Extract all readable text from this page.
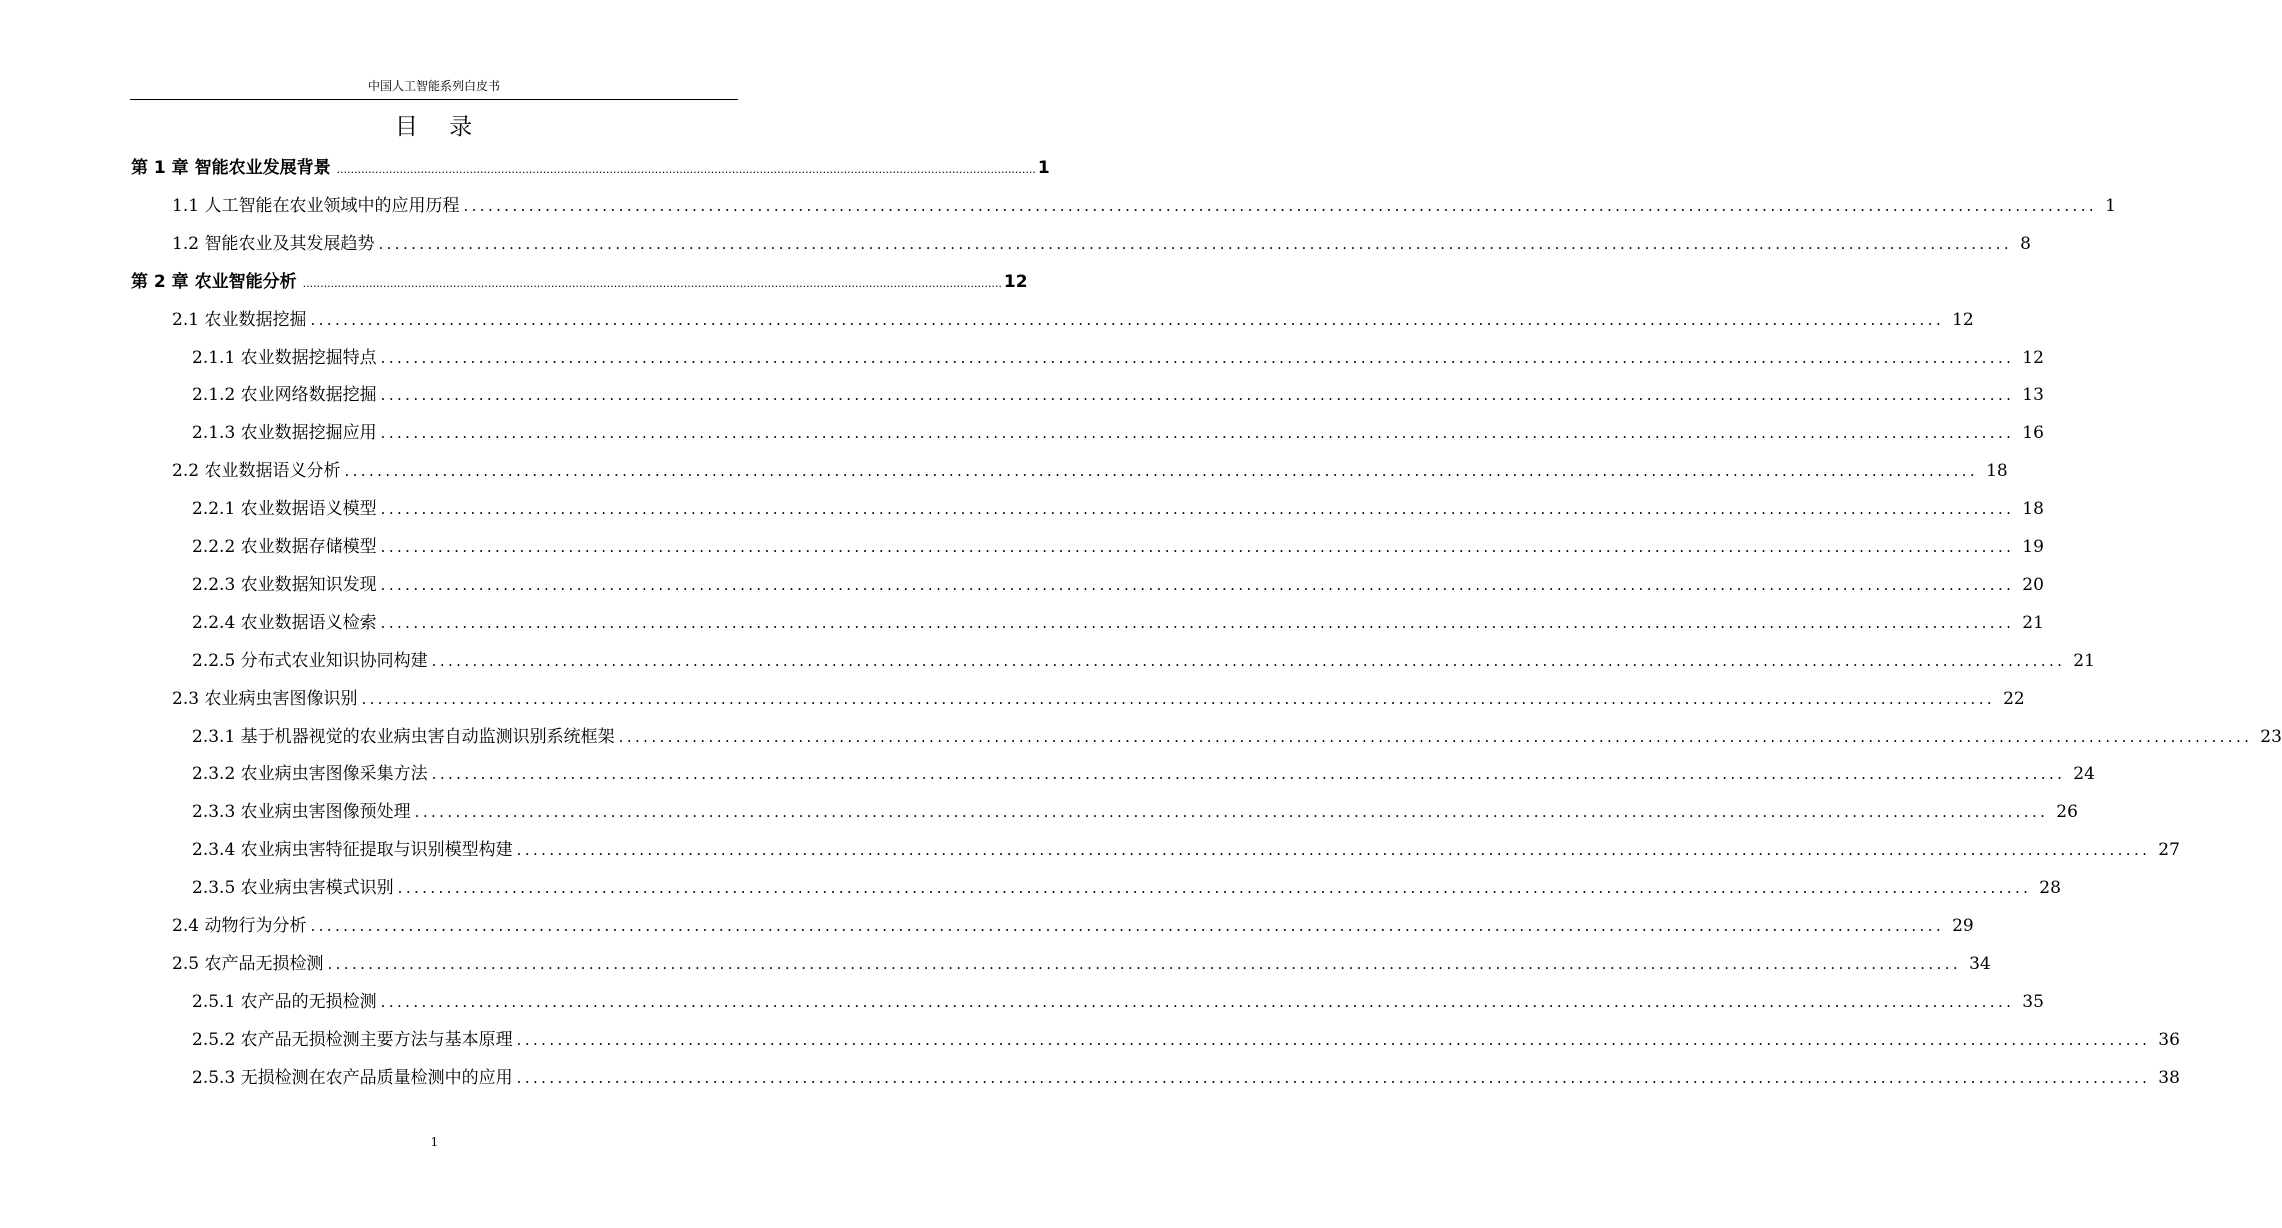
中国人工智能系列白皮书
目 录
第 1 章 智能农业发展背景 ........................................................................................................................................................................................................ 1
1.1 人工智能在农业领域中的应用历程 ........................................................................................................................................................................................................ 1
1.2 智能农业及其发展趋势 ........................................................................................................................................................................................................ 8
第 2 章 农业智能分析 ........................................................................................................................................................................................................ 12
2.1 农业数据挖掘 ........................................................................................................................................................................................................ 12
2.1.1 农业数据挖掘特点 ........................................................................................................................................................................................................ 12
2.1.2 农业网络数据挖掘 ........................................................................................................................................................................................................ 13
2.1.3 农业数据挖掘应用 ........................................................................................................................................................................................................ 16
2.2 农业数据语义分析 ........................................................................................................................................................................................................ 18
2.2.1 农业数据语义模型 ........................................................................................................................................................................................................ 18
2.2.2 农业数据存储模型 ........................................................................................................................................................................................................ 19
2.2.3 农业数据知识发现 ........................................................................................................................................................................................................ 20
2.2.4 农业数据语义检索 ........................................................................................................................................................................................................ 21
2.2.5 分布式农业知识协同构建 ........................................................................................................................................................................................................ 21
2.3 农业病虫害图像识别 ........................................................................................................................................................................................................ 22
2.3.1 基于机器视觉的农业病虫害自动监测识别系统框架 ........................................................................................................................................................................................................ 23
2.3.2 农业病虫害图像采集方法 ........................................................................................................................................................................................................ 24
2.3.3 农业病虫害图像预处理 ........................................................................................................................................................................................................ 26
2.3.4 农业病虫害特征提取与识别模型构建 ........................................................................................................................................................................................................ 27
2.3.5 农业病虫害模式识别 ........................................................................................................................................................................................................ 28
2.4 动物行为分析 ........................................................................................................................................................................................................ 29
2.5 农产品无损检测 ........................................................................................................................................................................................................ 34
2.5.1 农产品的无损检测 ........................................................................................................................................................................................................ 35
2.5.2 农产品无损检测主要方法与基本原理 ........................................................................................................................................................................................................ 36
2.5.3 无损检测在农产品质量检测中的应用 ........................................................................................................................................................................................................ 38
1
